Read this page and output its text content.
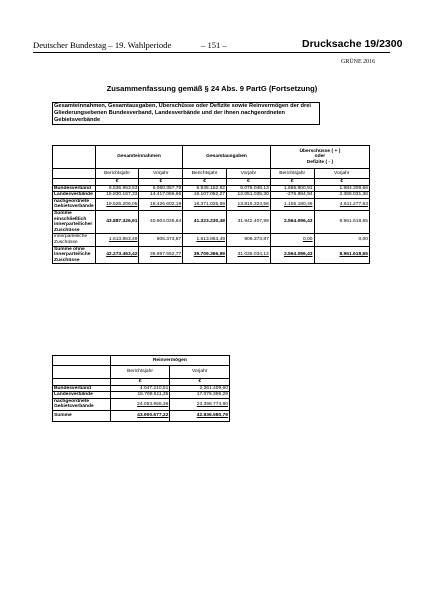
Deutscher Bundestag – 19. Wahlperiode	– 151 –	Drucksache 19/2300
GRÜNE 2016
Zusammenfassung gemäß § 24 Abs. 9 PartG (Fortsetzung)
Gesamteinnahmen, Gesamtausgaben, Überschüsse oder Defizite sowie Reinvermögen der drei
Gliederungsebenen Bundesverband, Landesverbände und der ihnen nachgeordneten
Gebietsverbände
	Gesamteinnahmen		Gesamtausgaben		Überschüsse ( + )
oder
Defizite ( - )	

	Berichtsjahr	Vorjahr	Berichtsjahr	Vorjahr	Berichtsjahr	Vorjahr
	€	€	€	€	€	€
Bundesverband	8.536.953,53	6.060.357,79	6.945.152,62	6.076.048,13	1.655.800,91	1.984.309,66
Landesverbände	15.830.167,33	14.417.066,66	16.107.052,27	12.051.035,30	-276.884,94	2.366.031,36
nachgeordnete Gebietsverbände	19.526.206,05	18.426.602,19	18.371.025,59	13.815.324,56	1.155.180,46	4.611.277,63
Summe einschließlich innerparteilicher Zuschüsse	43.887.326,91	40.904.026,64	41.323.230,48	31.942.407,99	2.564.096,43	8.961.618,65
innerparteiliche Zuschüsse	1.613.863,49	906.373,87	1.613.863,49	906.373,87	0,00	0,00
Summe ohne innerparteiliche Zuschüsse	42.273.463,42	39.997.652,77	39.709.366,99	31.036.034,12	2.564.096,43	8.961.618,65
	Reinvermögen	
	Berichtsjahr	Vorjahr
	€	€
Bundesverband	4.047.210,51	2.361.409,60
Landesverbände	15.799.511,35	17.076.396,29
nachgeordnete Gebietsverbände	24.053.955,36	23.398.774,90
Summe	43.900.677,22	42.836.580,79
